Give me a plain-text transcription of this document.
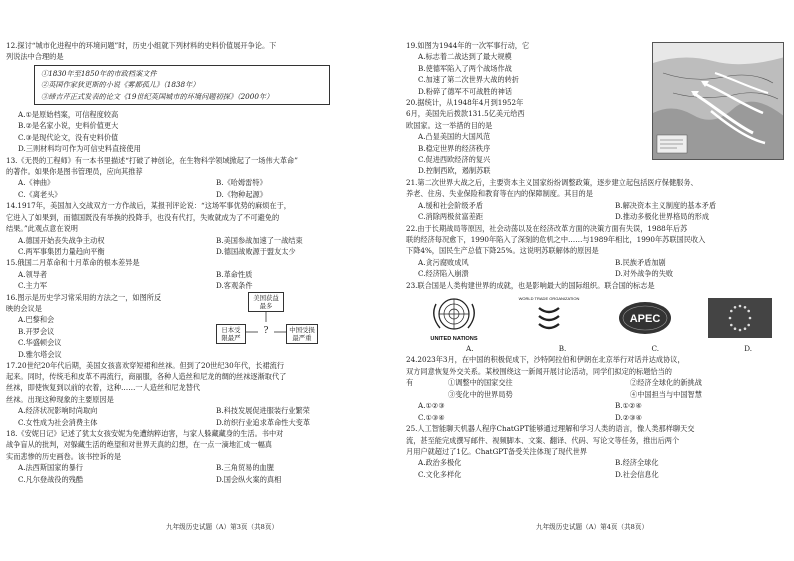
12.探讨“城市化进程中的环境问题”时，历史小组就下列材料的史料价值展开争论。下
列说法中合理的是
①1830年至1850年的市政档案文件
②英国作家狄更斯的小说《雾都孤儿》（1838年）
③缔吉芹正式发表的论文《19世纪英国城市的环境问题初探》（2000年）
A.①是原始档案，可信程度较高
B.②是名家小说，史料价值更大
C.③是现代论文，没有史料价值
D.三则材料均可作为可信史料直接使用
13.《无畏的工程师》有一本书里描述“打破了神创论，在生物科学领域掀起了一场伟大革命”
的著作。如果你是图书管理员，应向其推荐
A.《神曲》	B.《哈姆雷特》
C.《离老头》	D.《物种起源》
14.1917年，美国加入交战双方一方作战后，某报刊评论说：“这场军事优势的麻烦在于，
它进入了如果到，而德国既没有举换的投降手，也没有代打，失败就成为了不可避免的
结果。”此观点意在说明
A.德国开始丧失战争主动权	B.美国参战加速了一战结束
C.两军事集团力量趋向平衡	D.德国战败源于盟友太少
15.俄国二月革命和十月革命的根本差异是
A.领导者	B.革命性质
C.主力军	D.客观条件
16.图示是历史学习常采用的方法之一，如图所反
映的会议是
A.巴黎和会
B.开罗会议
C.华盛顿会议
D.雅尔塔会议
美国获益最多
日本受限最严
?	中国受损最严重
17.20世纪20年代后期，美国女孩喜欢穿短裙和丝袜。但到了20世纪30年代，长裙流行
起来。同时，传统毛和皮革不再流行，商丽服，各种人造丝和尼龙的绸的丝袜逐渐取代了
丝袜，即使恢复到以前的衣着，这种……一人造丝和尼龙替代
丝袜。出现这种现象的主要原因是
A.经济状况影响时尚取向	B.科技发展促进服装行业繁荣
C.女性成为社会消费主体	D.纺织行业追求革命性大变革
18.《安妮日记》记述了犹太女孩安妮为免遭纳粹迫害，与家人躲藏藏身的生活。书中对
战争盲从的批判，对躲藏生活的绝望和对世界天真的幻想，在一点一滴地汇成一幅真
实而悲惨的历史画卷。该书控诉的是
A.法西斯国家的暴行	B.三角贸易的血腥
C.凡尔登战役的残酷	D.国会纵火案的真相
九年级历史试题（A）第3页（共8页）
19.如图为1944年的一次军事行动，它
A.标志着二战达到了最大规模
B.使德军陷入了两个战场作战
C.加速了第二次世界大战的转折
D.粉碎了德军不可战胜的神话
20.据统计，从1948年4月到1952年
6月，美国先后拨款131.5亿美元给西
欧国家。这一举措的目的是
A.凸显美国的大国风范
B.稳定世界的经济秩序
C.促进西欧经济的复兴
D.控制西欧，遏制苏联
21.第二次世界大战之后，主要资本主义国家纷纷调整政策，逐步建立起包括医疗保健服务、
养老、住房、失业保险和教育等在内的保障制度。其目的是
A.缓和社会阶级矛盾	B.解决资本主义制度的基本矛盾
C.消除两极贫富差距	D.推动多极化世界格局的形成
22.由于长期战局等原因，社会动荡以及在经济改革方面的决策方面有失误，1988年后苏
联的经济每况愈下，1990年陷入了深刻的危机之中……与1989年相比，1990年苏联国民收入
下降4%，国民生产总值下降25%。这说明苏联解体的原因是
A.贪污腐败成风	B.民族矛盾加剧
C.经济陷入崩溃	D.对外战争的失败
23.联合国是人类构建世界的成就，也是影响最大的国际组织。联合国的标志是
UNITED NATIONS
WORLD TRADE ORGANIZATION
APEC
A.	B.	C.	D.
24.2023年3月，在中国的积极促成下，沙特阿拉伯和伊朗在北京举行对话并达成协议，
双方同意恢复外交关系。某校围绕这一新闻开展讨论活动，同学们拟定的标题恰当的
①调整中的国家交往	②经济全球化的新挑战
③变化中的世界局势	④中国担当与中国智慧
有
A.①②③	B.①②④
C.①③④	D.②③④
25.人工智能聊天机器人程序ChatGPT能够通过理解和学习人类的语言，像人类那样聊天交
流，甚至能完成撰写邮件、视频脚本、文案、翻译、代码、写论文等任务，推出后两个
月用户就超过了1亿。ChatGPT备受关注体现了现代世界
A.政治多极化	B.经济全球化
C.文化多样化	D.社会信息化
九年级历史试题（A）第4页（共8页）
